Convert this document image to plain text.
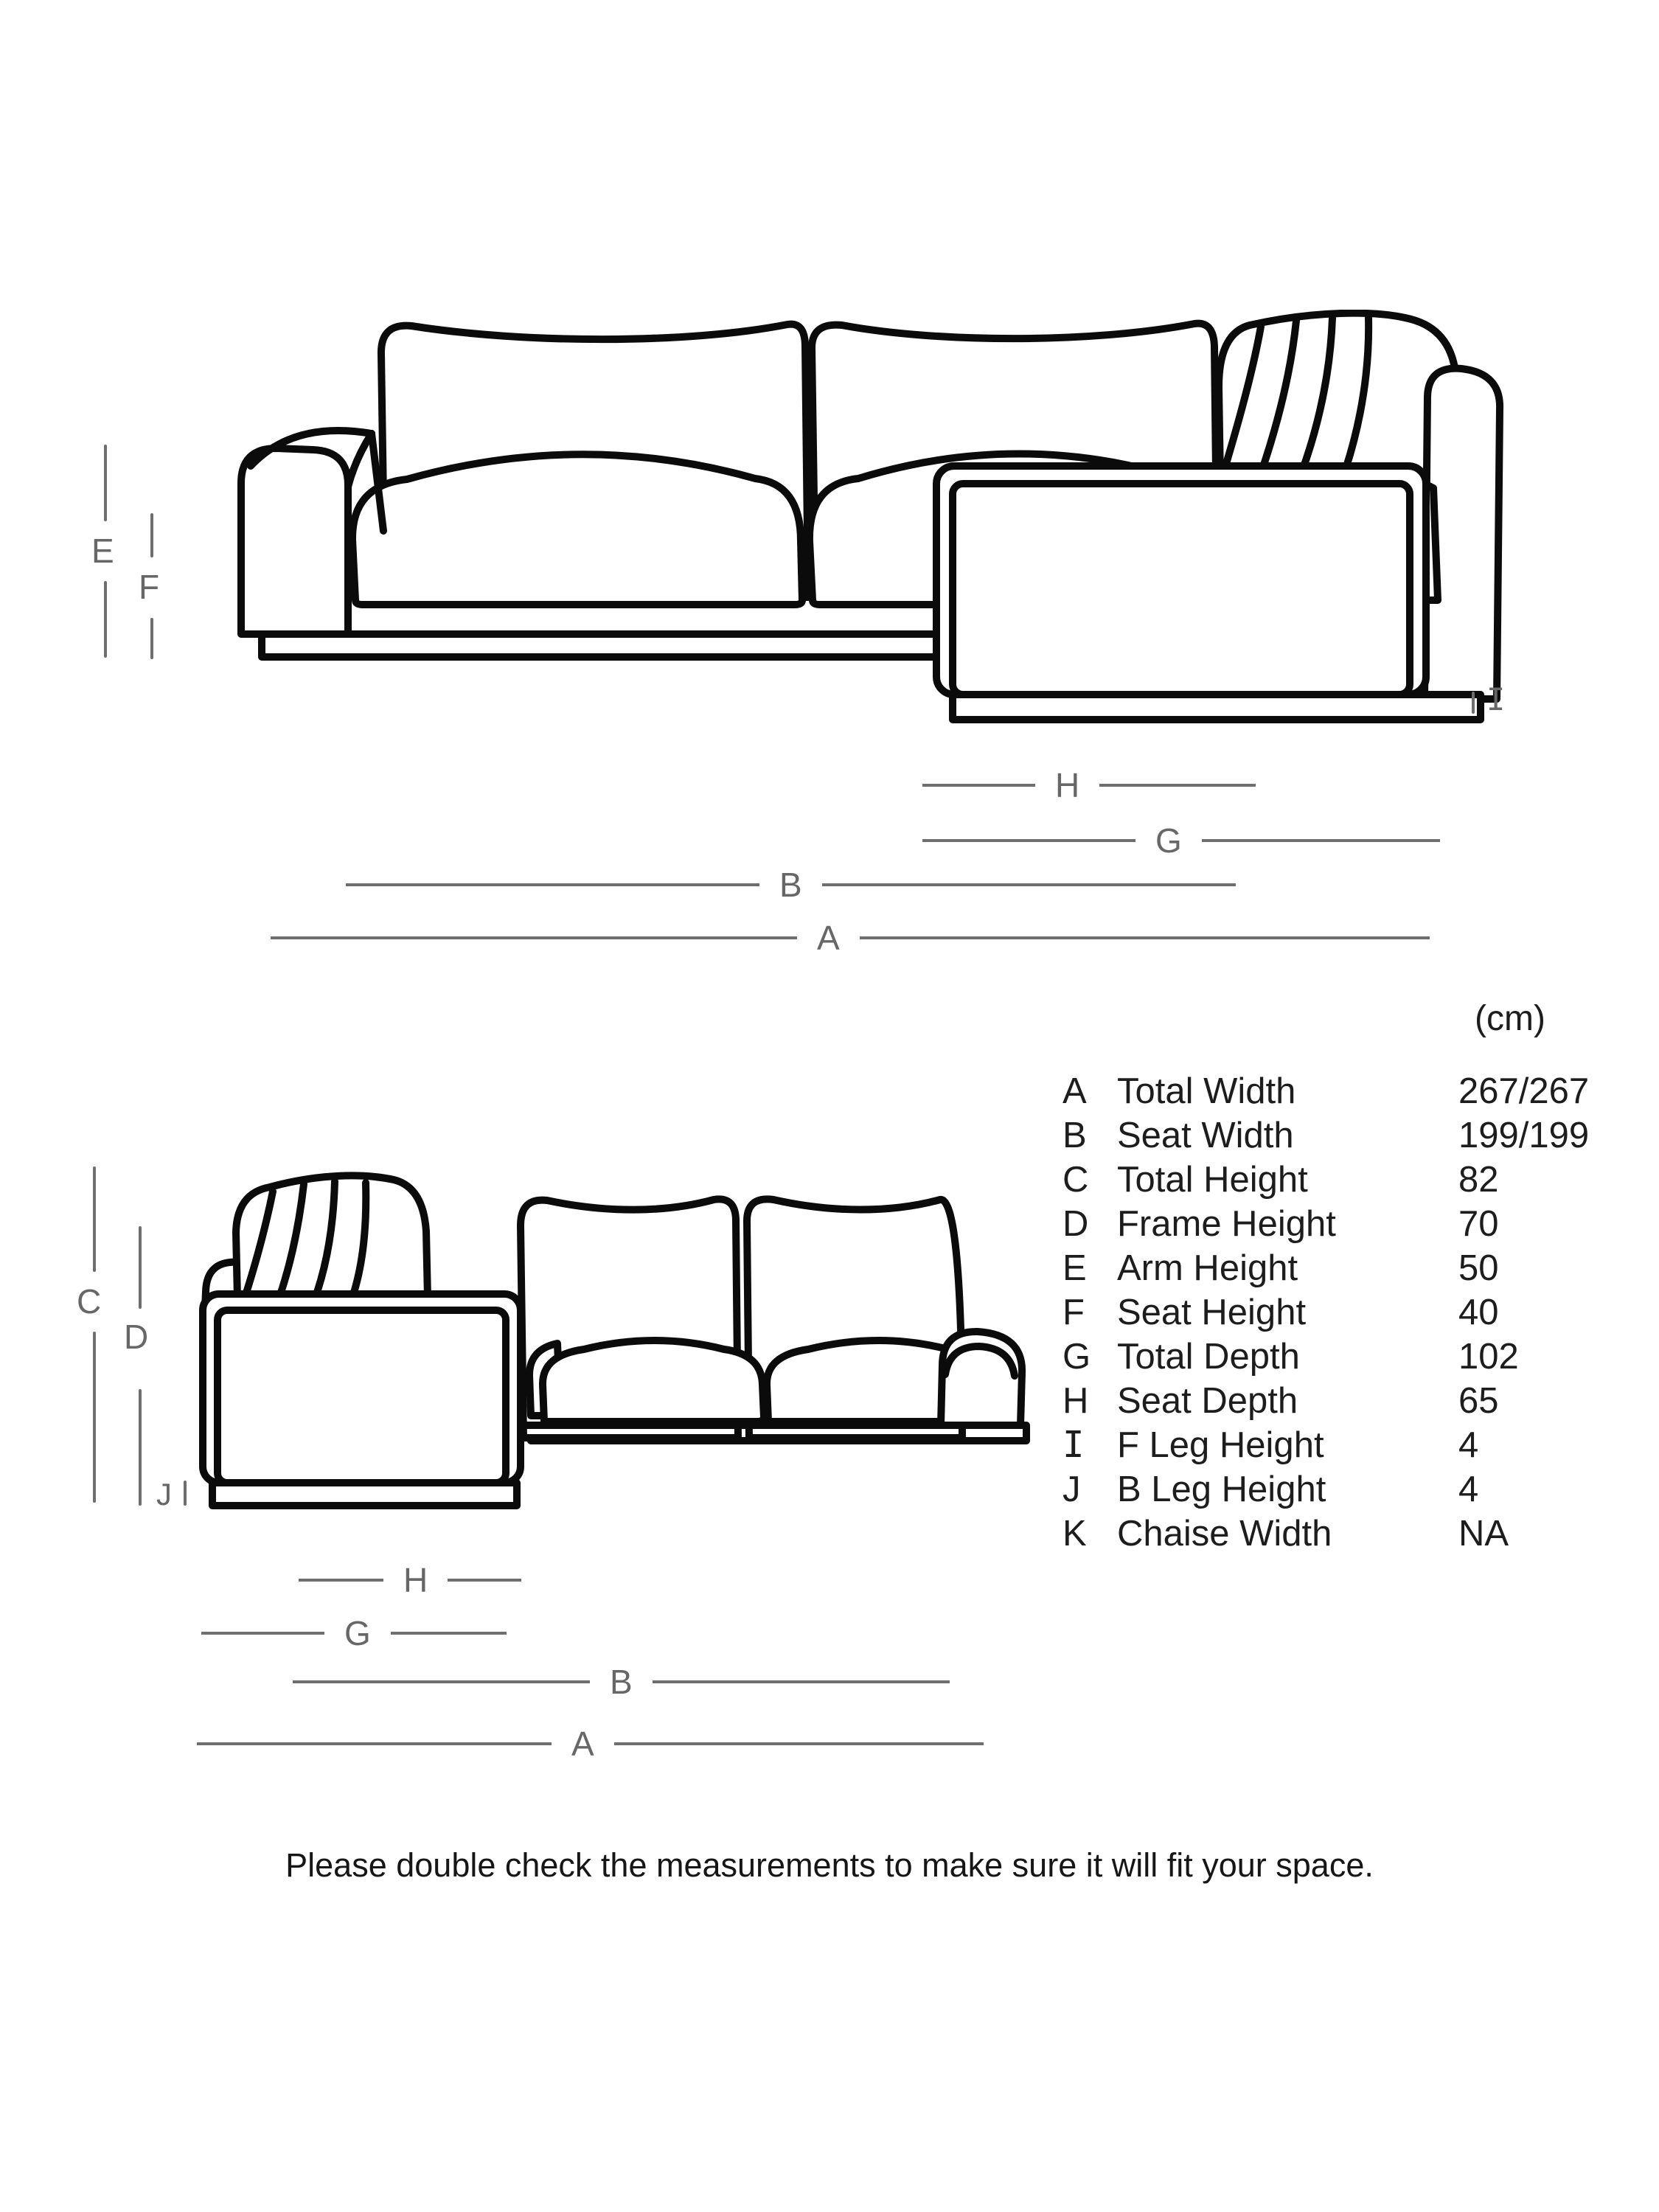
E
F
I
H
G
B
A
(cm)
A Total Width	267/267
B Seat Width	199/199
C Total Height	82
D Frame Height	70
E Arm Height	50
F Seat Height	40
G Total Depth	102
H Seat Depth	65
I F Leg Height	4
J	B Leg Height	4
K Chaise Width	NA
C
D
J
H
G
B
A
Please double check the measurements to make sure it will fit your space.
